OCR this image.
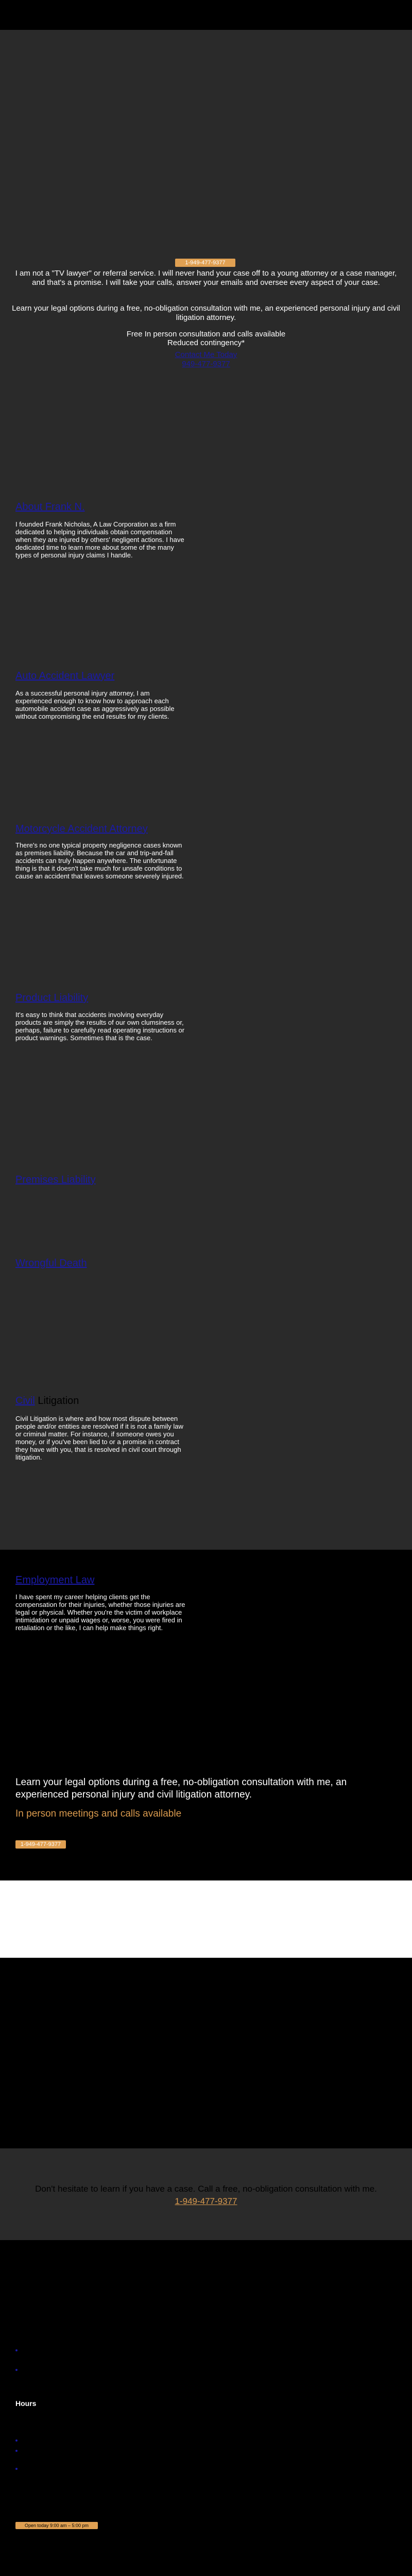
1-949-477-9377

I am not a "TV lawyer" or referral service. I will never hand your case off to a young attorney or a case manager, and that's a promise. I will take your calls, answer your emails and oversee every aspect of your case.

Learn your legal options during a free, no-obligation consultation with me, an experienced personal injury and civil litigation attorney.

Free In person consultation and calls available
Reduced contingency*

Contact Me Today

949-477-9377

About Frank N.

I founded Frank Nicholas, A Law Corporation as a firm dedicated to helping individuals obtain compensation when they are injured by others' negligent actions. I have dedicated time to learn more about some of the many types of personal injury claims I handle.

Auto Accident Lawyer

As a successful personal injury attorney, I am experienced enough to know how to approach each automobile accident case as aggressively as possible without compromising the end results for my clients.

Motorcycle Accident Attorney

There's no one typical property negligence cases known as premises liability. Because the car and trip-and-fall accidents can truly happen anywhere. The unfortunate thing is that it doesn't take much for unsafe conditions to cause an accident that leaves someone severely injured.

Product Liability

It's easy to think that accidents involving everyday products are simply the results of our own clumsiness or, perhaps, failure to carefully read operating instructions or product warnings. Sometimes that is the case.

Premises Liability
Wrongful Death
Civil Litigation

Civil Litigation is where and how most dispute between people and/or entities are resolved if it is not a family law or criminal matter. For instance, if someone owes you money, or if you've been lied to or a promise in contract they have with you, that is resolved in civil court through litigation.

Employment Law

I have spent my career helping clients get the compensation for their injuries, whether those injuries are legal or physical. Whether you're the victim of workplace intimidation or unpaid wages or, worse, you were fired in retaliation or the like, I can help make things right.

Learn your legal options during a free, no-obligation consultation with me, an experienced personal injury and civil litigation attorney.

In person meetings and calls available

1-949-477-9377

Don't hesitate to learn if you have a case. Call a free, no-obligation consultation with me.

1-949-477-9377

Hours
Open today 9:00 am – 5:00 pm
